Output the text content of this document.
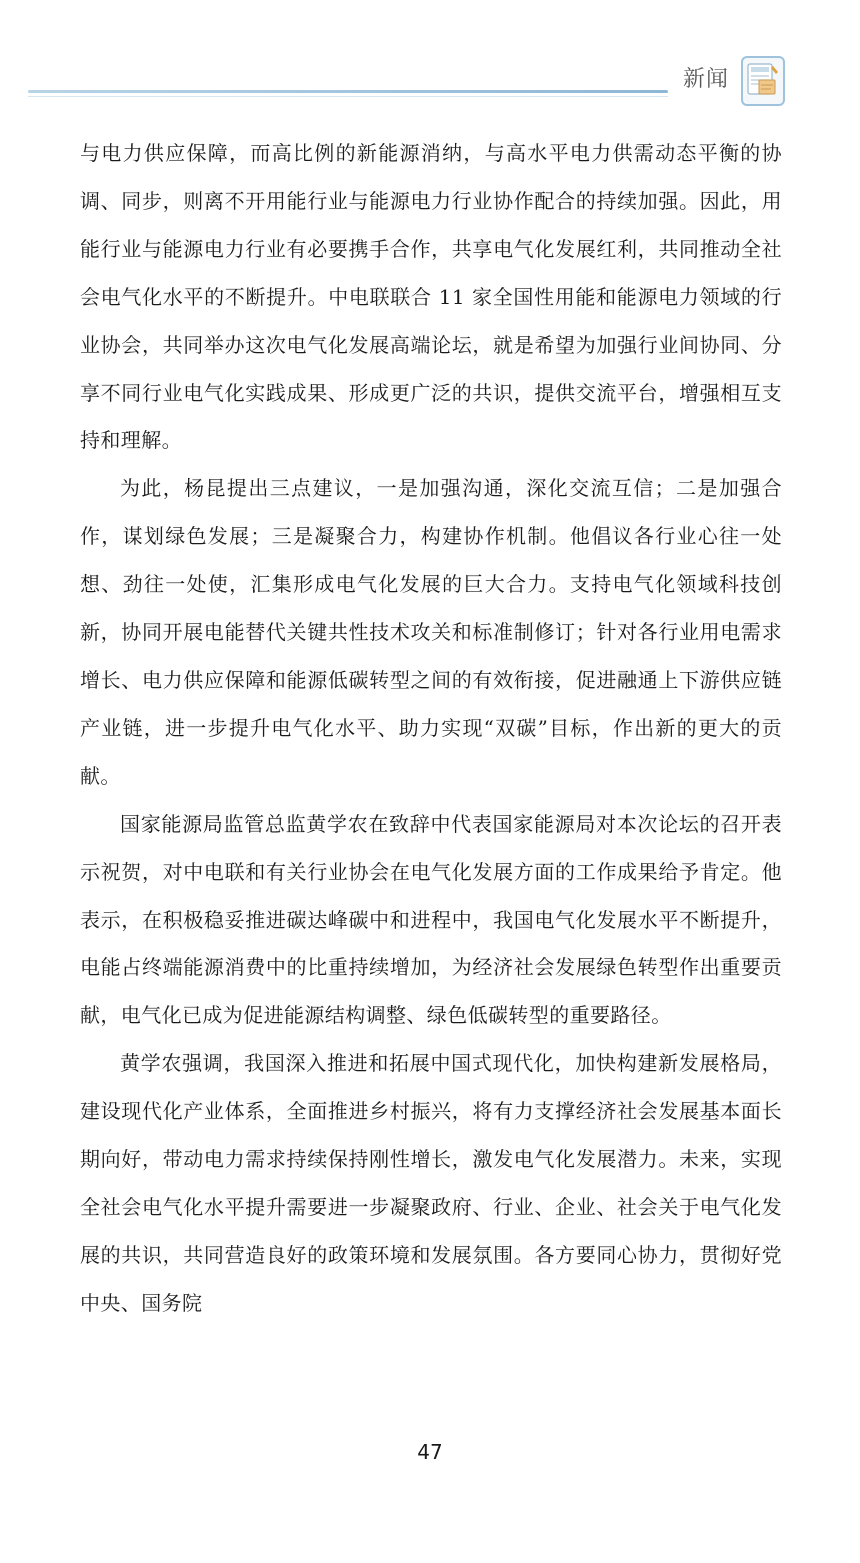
新闻

与电力供应保障，而高比例的新能源消纳，与高水平电力供需动态平衡的协调、同步，则离不开用能行业与能源电力行业协作配合的持续加强。因此，用能行业与能源电力行业有必要携手合作，共享电气化发展红利，共同推动全社会电气化水平的不断提升。中电联联合 11 家全国性用能和能源电力领域的行业协会，共同举办这次电气化发展高端论坛，就是希望为加强行业间协同、分享不同行业电气化实践成果、形成更广泛的共识，提供交流平台，增强相互支持和理解。

为此，杨昆提出三点建议，一是加强沟通，深化交流互信；二是加强合作，谋划绿色发展；三是凝聚合力，构建协作机制。他倡议各行业心往一处想、劲往一处使，汇集形成电气化发展的巨大合力。支持电气化领域科技创新，协同开展电能替代关键共性技术攻关和标准制修订；针对各行业用电需求增长、电力供应保障和能源低碳转型之间的有效衔接，促进融通上下游供应链产业链，进一步提升电气化水平、助力实现“双碳”目标，作出新的更大的贡献。

国家能源局监管总监黄学农在致辞中代表国家能源局对本次论坛的召开表示祝贺，对中电联和有关行业协会在电气化发展方面的工作成果给予肯定。他表示，在积极稳妥推进碳达峰碳中和进程中，我国电气化发展水平不断提升，电能占终端能源消费中的比重持续增加，为经济社会发展绿色转型作出重要贡献，电气化已成为促进能源结构调整、绿色低碳转型的重要路径。

黄学农强调，我国深入推进和拓展中国式现代化，加快构建新发展格局，建设现代化产业体系，全面推进乡村振兴，将有力支撑经济社会发展基本面长期向好，带动电力需求持续保持刚性增长，激发电气化发展潜力。未来，实现全社会电气化水平提升需要进一步凝聚政府、行业、企业、社会关于电气化发展的共识，共同营造良好的政策环境和发展氛围。各方要同心协力，贯彻好党中央、国务院

47
